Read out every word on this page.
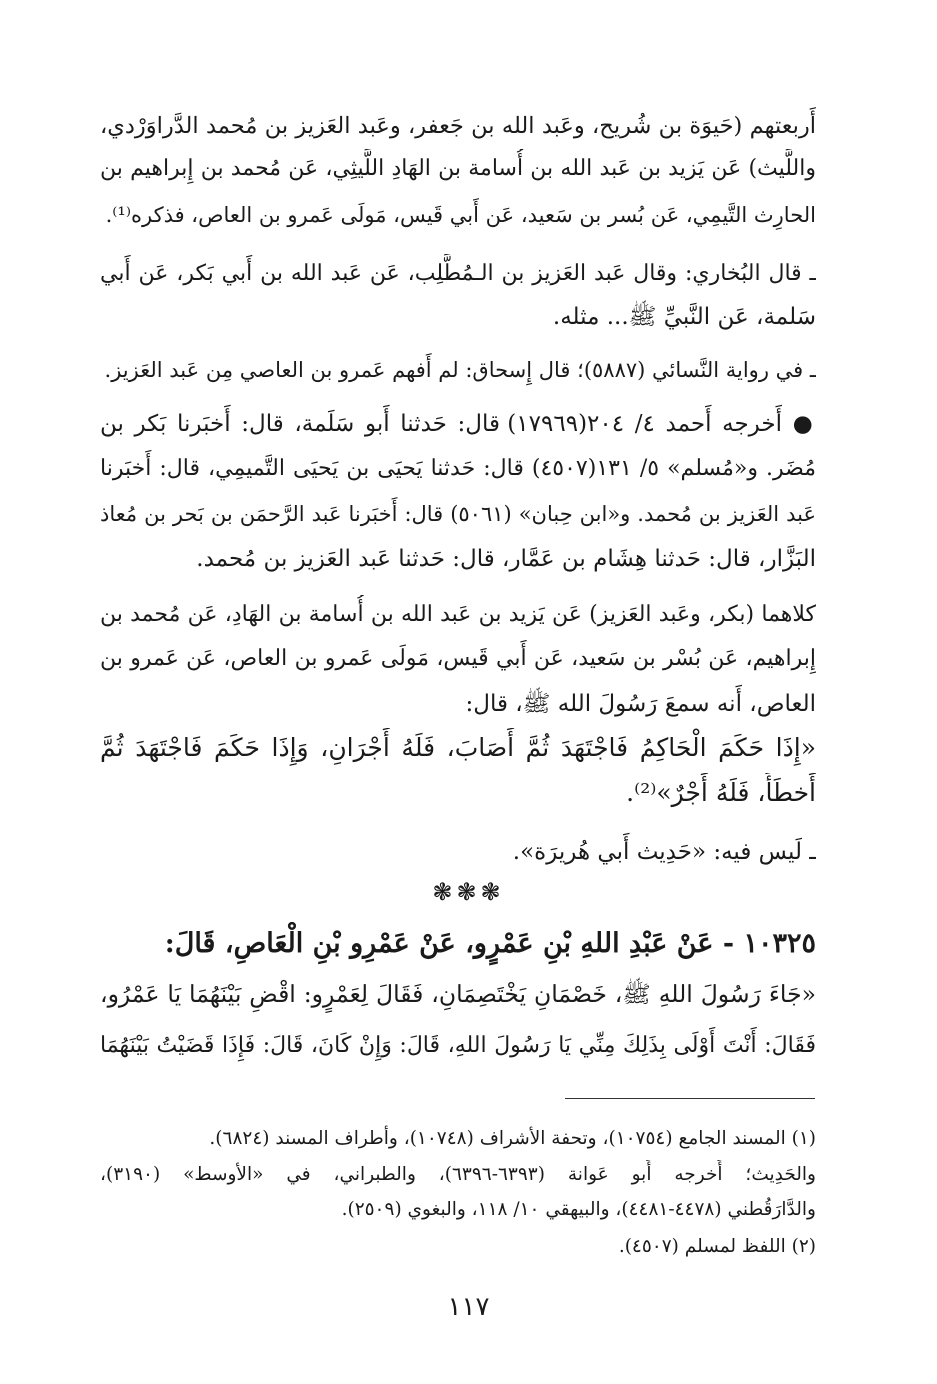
أَربعتهم (حَيوَة بن شُريح، وعَبد الله بن جَعفر، وعَبد العَزيز بن مُحمد الدَّراوَرْدي،
واللَّيث) عَن يَزيد بن عَبد الله بن أُسامة بن الهَادِ اللَّيثِي، عَن مُحمد بن إِبراهيم بن
الحارِث التَّيمِي، عَن بُسر بن سَعيد، عَن أَبي قَيس، مَولَى عَمرو بن العاص، فذكره⁽¹⁾.
ـ قال البُخاري: وقال عَبد العَزيز بن الـمُطَّلِب، عَن عَبد الله بن أَبي بَكر، عَن أَبي
سَلمة، عَن النَّبيِّ ﷺ... مثله.
ـ في رواية النَّسائي (٥٨٨٧)؛ قال إِسحاق: لم أَفهم عَمرو بن العاصي مِن عَبد العَزيز.
● أَخرجه أَحمد ٤/ ٢٠٤(١٧٩٦٩) قال: حَدثنا أَبو سَلَمة، قال: أَخبَرنا بَكر بن
مُضَر. و«مُسلم» ٥/ ١٣١(٤٥٠٧) قال: حَدثنا يَحيَى بن يَحيَى التَّميمِي، قال: أَخبَرنا
عَبد العَزيز بن مُحمد. و«ابن حِبان» (٥٠٦١) قال: أَخبَرنا عَبد الرَّحمَن بن بَحر بن مُعاذ
البَزَّار، قال: حَدثنا هِشَام بن عَمَّار، قال: حَدثنا عَبد العَزيز بن مُحمد.
كلاهما (بكر، وعَبد العَزيز) عَن يَزيد بن عَبد الله بن أُسامة بن الهَادِ، عَن مُحمد بن
إِبراهيم، عَن بُسْر بن سَعيد، عَن أَبي قَيس، مَولَى عَمرو بن العاص، عَن عَمرو بن
العاص، أَنه سمعَ رَسُولَ الله ﷺ، قال:
«إِذَا حَكَمَ الْحَاكِمُ فَاجْتَهَدَ ثُمَّ أَصَابَ، فَلَهُ أَجْرَانِ، وَإِذَا حَكَمَ فَاجْتَهَدَ ثُمَّ
أَخطَأَ، فَلَهُ أَجْرٌ»⁽²⁾.
ـ لَيس فيه: «حَدِيث أَبي هُريرَة».
❃❃❃
١٠٣٢٥ - عَنْ عَبْدِ اللهِ بْنِ عَمْرٍو، عَنْ عَمْرِو بْنِ الْعَاصِ، قَالَ:
«جَاءَ رَسُولَ اللهِ ﷺ، خَصْمَانِ يَخْتَصِمَانِ، فَقَالَ لِعَمْرٍو: اقْضِ بَيْنَهُمَا يَا عَمْرُو،
فَقَالَ: أَنْتَ أَوْلَى بِذَلِكَ مِنِّي يَا رَسُولَ اللهِ، قَالَ: وَإِنْ كَانَ، قَالَ: فَإِذَا قَضَيْتُ بَيْنَهُمَا
(١) المسند الجامع (١٠٧٥٤)، وتحفة الأشراف (١٠٧٤٨)، وأطراف المسند (٦٨٢٤).
والحَدِيث؛ أَخرجه أَبو عَوانة (٦٣٩٣-٦٣٩٦)، والطبراني، في «الأوسط» (٣١٩٠)،
والدَّارَقُطني (٤٤٧٨-٤٤٨١)، والبيهقي ١٠/ ١١٨، والبغوي (٢٥٠٩).
(٢) اللفظ لمسلم (٤٥٠٧).
١١٧
